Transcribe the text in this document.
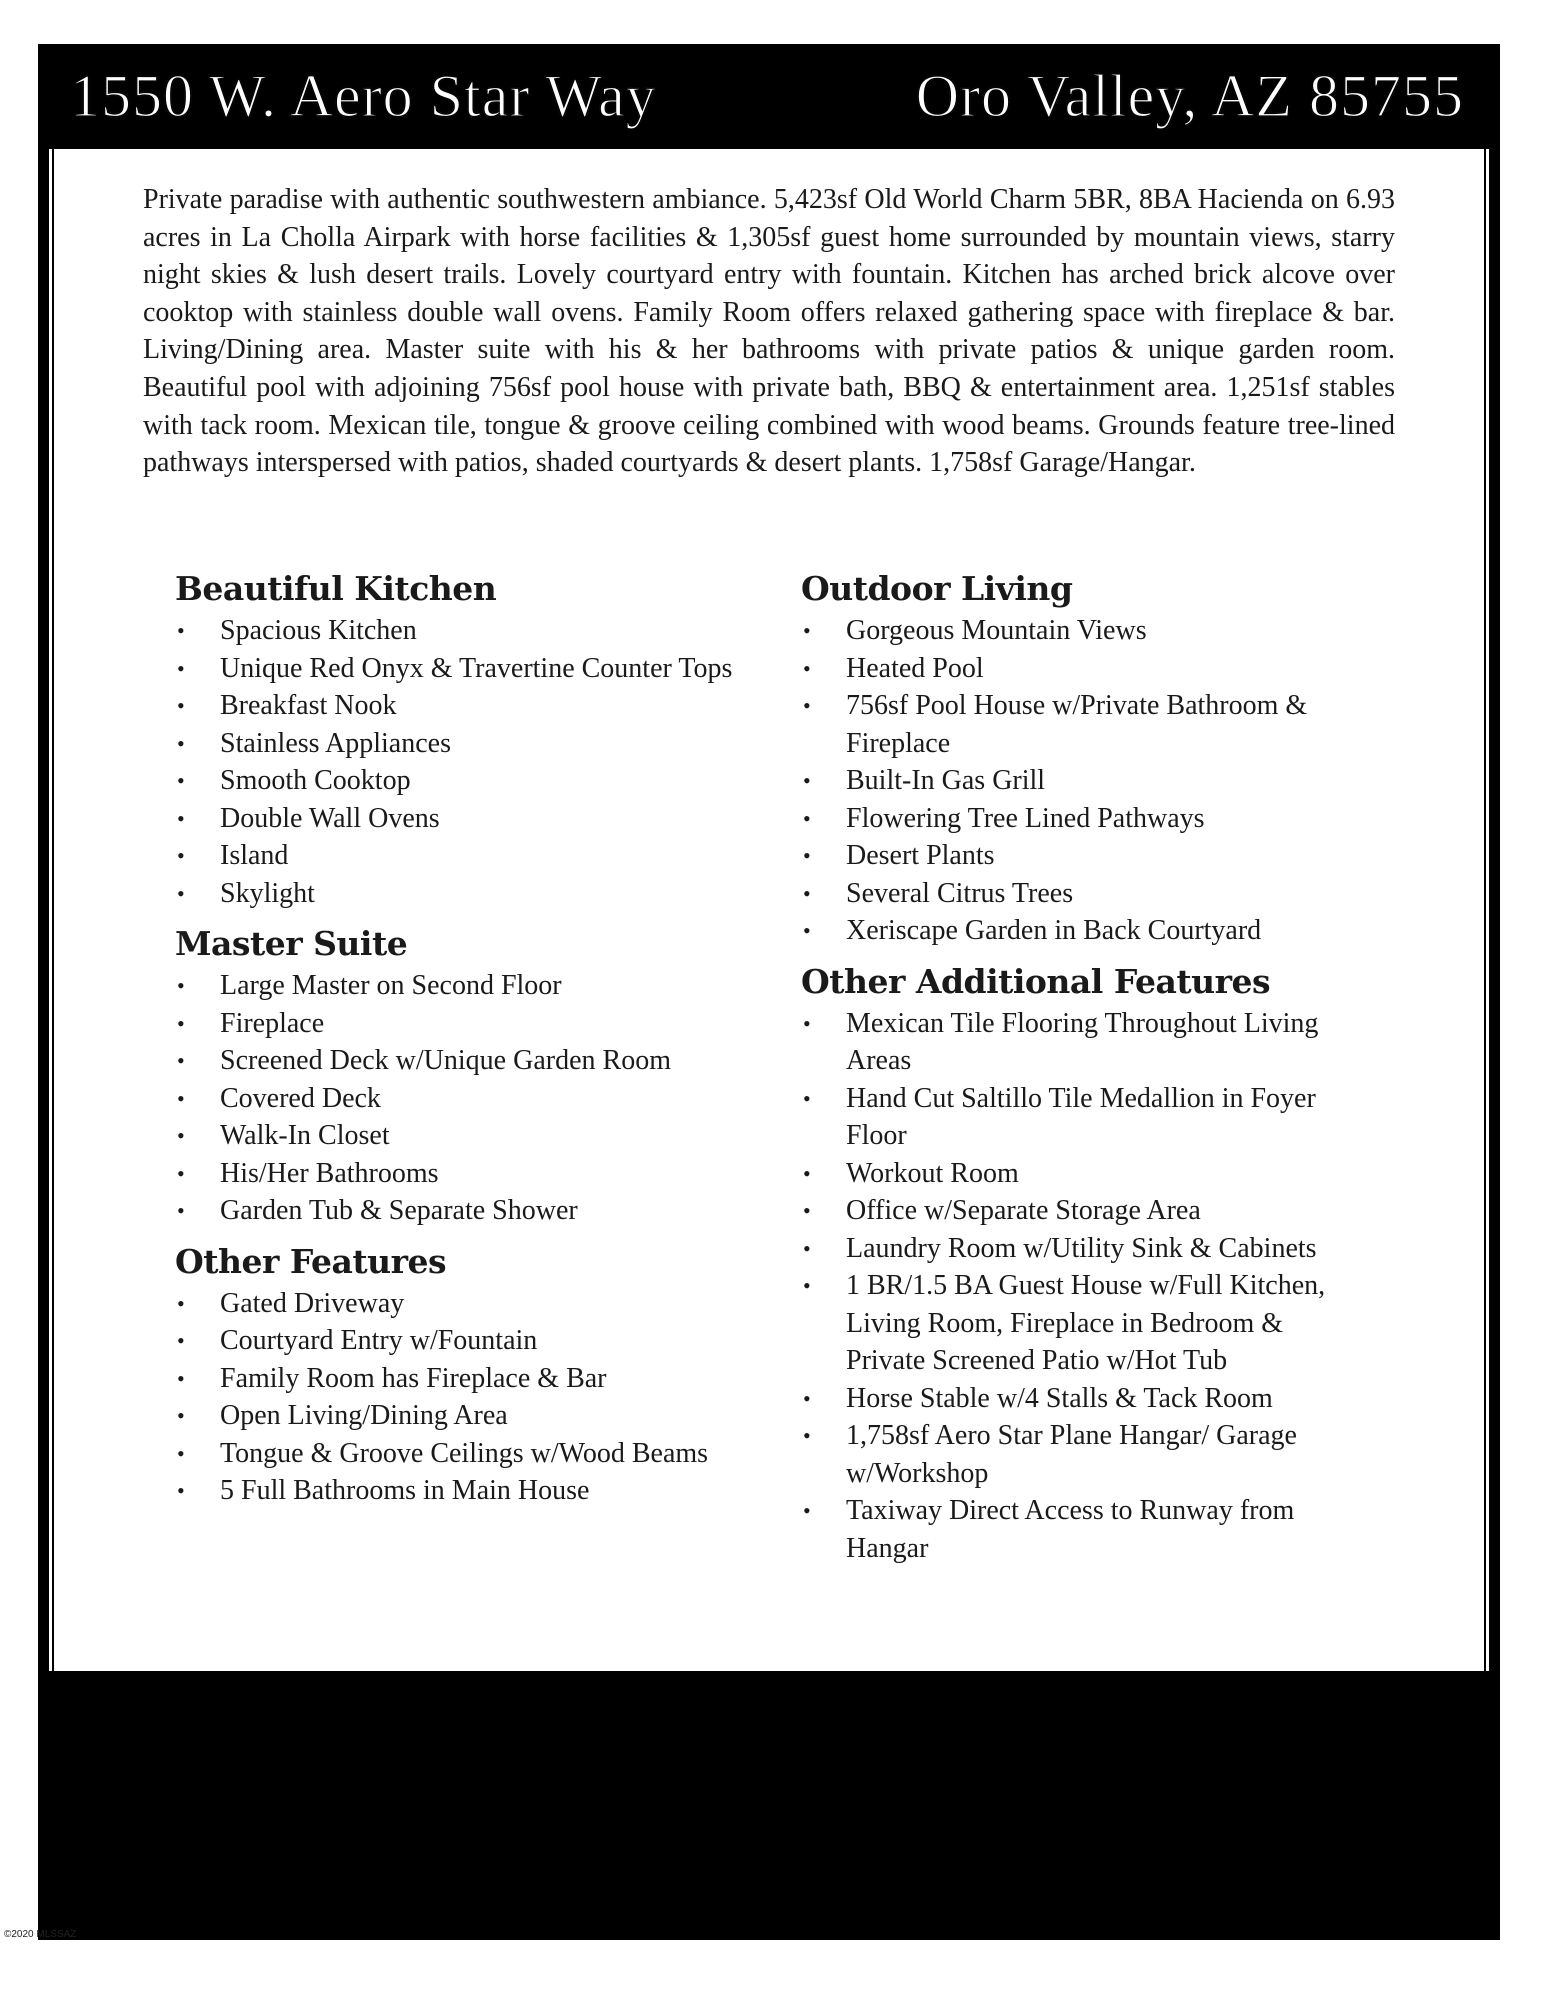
1550 W. Aero Star Way	Oro Valley, AZ 85755

Private paradise with authentic southwestern ambiance. 5,423sf Old World Charm 5BR, 8BA Hacienda on 6.93 acres in La Cholla Airpark with horse facilities & 1,305sf guest home surrounded by mountain views, starry night skies & lush desert trails. Lovely courtyard entry with fountain. Kitchen has arched brick alcove over cooktop with stainless double wall ovens. Family Room offers relaxed gathering space with fireplace & bar. Living/Dining area. Master suite with his & her bathrooms with private patios & unique garden room. Beautiful pool with adjoining 756sf pool house with private bath, BBQ & entertainment area. 1,251sf stables with tack room. Mexican tile, tongue & groove ceiling combined with wood beams. Grounds feature tree-lined pathways interspersed with patios, shaded courtyards & desert plants. 1,758sf Garage/Hangar.

Beautiful Kitchen
• Spacious Kitchen
• Unique Red Onyx & Travertine Counter Tops
• Breakfast Nook
• Stainless Appliances
• Smooth Cooktop
• Double Wall Ovens
• Island
• Skylight
Master Suite
• Large Master on Second Floor
• Fireplace
• Screened Deck w/Unique Garden Room
• Covered Deck
• Walk-In Closet
• His/Her Bathrooms
• Garden Tub & Separate Shower
Other Features
• Gated Driveway
• Courtyard Entry w/Fountain
• Family Room has Fireplace & Bar
• Open Living/Dining Area
• Tongue & Groove Ceilings w/Wood Beams
• 5 Full Bathrooms in Main House
Outdoor Living
• Gorgeous Mountain Views
• Heated Pool
• 756sf Pool House w/Private Bathroom & Fireplace
• Built-In Gas Grill
• Flowering Tree Lined Pathways
• Desert Plants
• Several Citrus Trees
• Xeriscape Garden in Back Courtyard
Other Additional Features
• Mexican Tile Flooring Throughout Living Areas
• Hand Cut Saltillo Tile Medallion in Foyer Floor
• Workout Room
• Office w/Separate Storage Area
• Laundry Room w/Utility Sink & Cabinets
• 1 BR/1.5 BA Guest House w/Full Kitchen, Living Room, Fireplace in Bedroom & Private Screened Patio w/Hot Tub
• Horse Stable w/4 Stalls & Tack Room
• 1,758sf Aero Star Plane Hangar/ Garage w/Workshop
• Taxiway Direct Access to Runway from Hangar
All Information Deemed Reliable But Not Guaranteed
©2020 MLSSAZ
